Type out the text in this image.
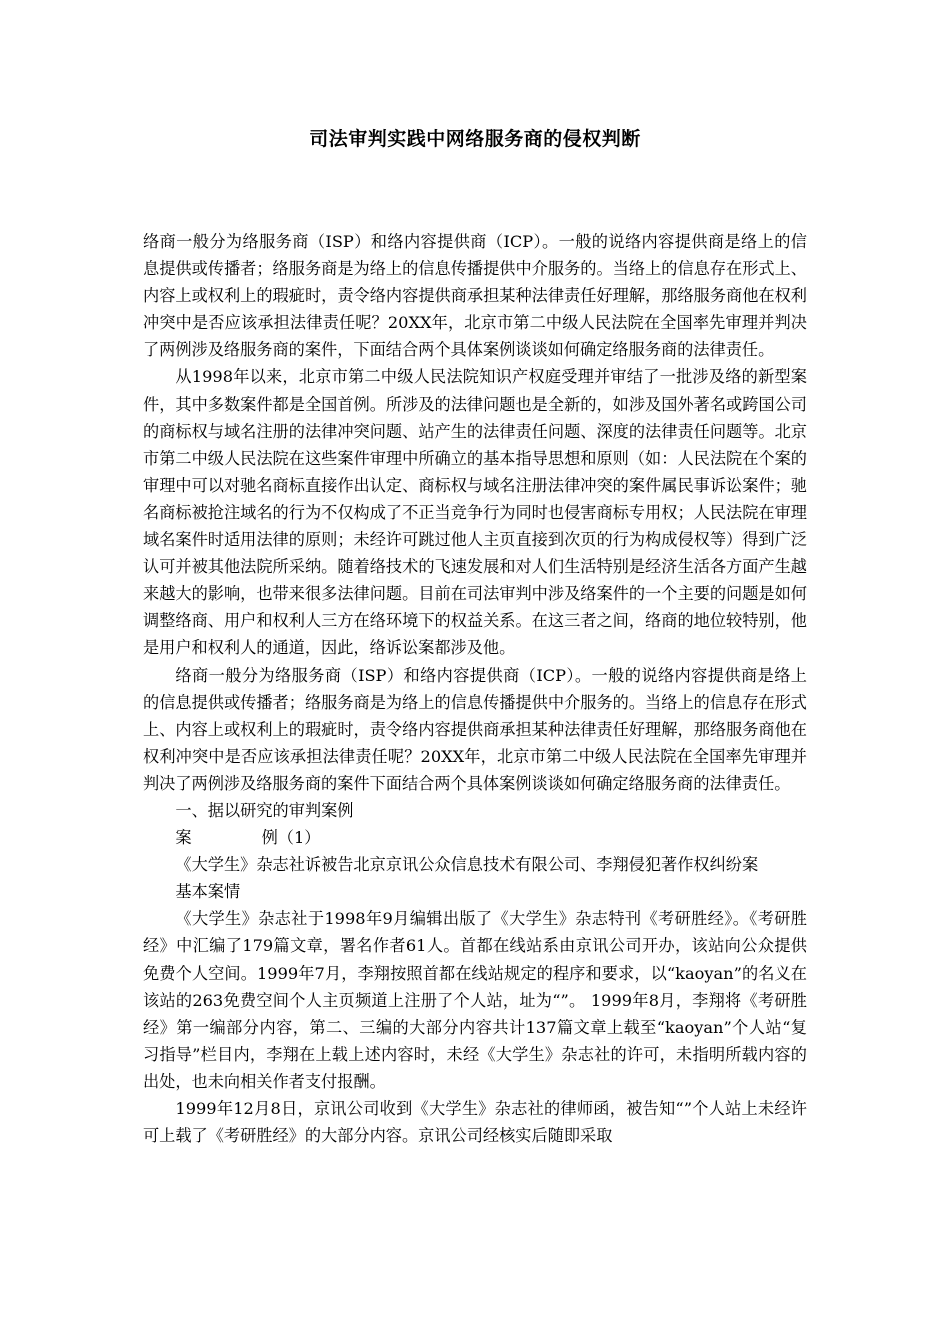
司法审判实践中网络服务商的侵权判断

络商一般分为络服务商（ISP）和络内容提供商（ICP）。一般的说络内容提供商是络上的信息提供或传播者；络服务商是为络上的信息传播提供中介服务的。当络上的信息存在形式上、内容上或权利上的瑕疵时，责令络内容提供商承担某种法律责任好理解，那络服务商他在权利冲突中是否应该承担法律责任呢？20XX年，北京市第二中级人民法院在全国率先审理并判决了两例涉及络服务商的案件，下面结合两个具体案例谈谈如何确定络服务商的法律责任。

从1998年以来，北京市第二中级人民法院知识产权庭受理并审结了一批涉及络的新型案件，其中多数案件都是全国首例。所涉及的法律问题也是全新的，如涉及国外著名或跨国公司的商标权与域名注册的法律冲突问题、站产生的法律责任问题、深度的法律责任问题等。北京市第二中级人民法院在这些案件审理中所确立的基本指导思想和原则（如：人民法院在个案的审理中可以对驰名商标直接作出认定、商标权与域名注册法律冲突的案件属民事诉讼案件；驰名商标被抢注域名的行为不仅构成了不正当竞争行为同时也侵害商标专用权；人民法院在审理域名案件时适用法律的原则；未经许可跳过他人主页直接到次页的行为构成侵权等）得到广泛认可并被其他法院所采纳。随着络技术的飞速发展和对人们生活特别是经济生活各方面产生越来越大的影响，也带来很多法律问题。目前在司法审判中涉及络案件的一个主要的问题是如何调整络商、用户和权利人三方在络环境下的权益关系。在这三者之间，络商的地位较特别，他是用户和权利人的通道，因此，络诉讼案都涉及他。

络商一般分为络服务商（ISP）和络内容提供商（ICP）。一般的说络内容提供商是络上的信息提供或传播者；络服务商是为络上的信息传播提供中介服务的。当络上的信息存在形式上、内容上或权利上的瑕疵时，责令络内容提供商承担某种法律责任好理解，那络服务商他在权利冲突中是否应该承担法律责任呢？20XX年，北京市第二中级人民法院在全国率先审理并判决了两例涉及络服务商的案件下面结合两个具体案例谈谈如何确定络服务商的法律责任。

一、据以研究的审判案例

案	例（1）

《大学生》杂志社诉被告北京京讯公众信息技术有限公司、李翔侵犯著作权纠纷案

基本案情

《大学生》杂志社于1998年9月编辑出版了《大学生》杂志特刊《考研胜经》。《考研胜经》中汇编了179篇文章，署名作者61人。首都在线站系由京讯公司开办，该站向公众提供免费个人空间。1999年7月，李翔按照首都在线站规定的程序和要求，以“kaoyan”的名义在该站的263免费空间个人主页频道上注册了个人站，址为“”。 1999年8月，李翔将《考研胜经》第一编部分内容，第二、三编的大部分内容共计137篇文章上载至“kaoyan”个人站“复习指导”栏目内，李翔在上载上述内容时，未经《大学生》杂志社的许可，未指明所载内容的出处，也未向相关作者支付报酬。

1999年12月8日，京讯公司收到《大学生》杂志社的律师函，被告知“”个人站上未经许可上载了《考研胜经》的大部分内容。京讯公司经核实后随即采取
